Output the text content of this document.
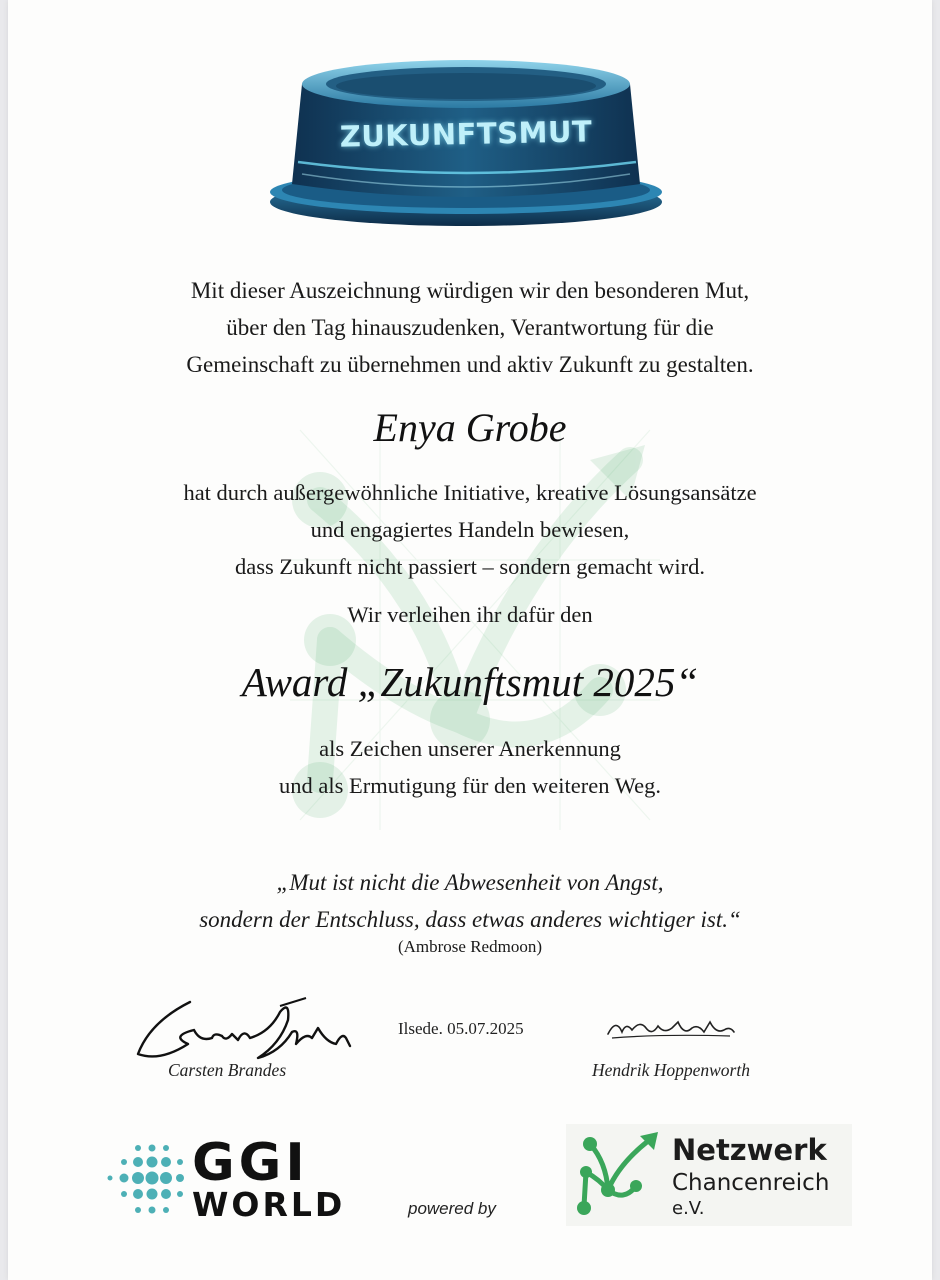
ZUKUNFTSMUT
Mit dieser Auszeichnung würdigen wir den besonderen Mut,
über den Tag hinauszudenken, Verantwortung für die
Gemeinschaft zu übernehmen und aktiv Zukunft zu gestalten.
Enya Grobe
hat durch außergewöhnliche Initiative, kreative Lösungsansätze
und engagiertes Handeln bewiesen,
dass Zukunft nicht passiert – sondern gemacht wird.
Wir verleihen ihr dafür den
Award „Zukunftsmut 2025“
als Zeichen unserer Anerkennung
und als Ermutigung für den weiteren Weg.
„Mut ist nicht die Abwesenheit von Angst,
sondern der Entschluss, dass etwas anderes wichtiger ist.“
(Ambrose Redmoon)
Carsten Brandes
Ilsede. 05.07.2025
Hendrik Hoppenworth
GGI
WORLD	powered by
Netzwerk
Chancenreich
e.V.
